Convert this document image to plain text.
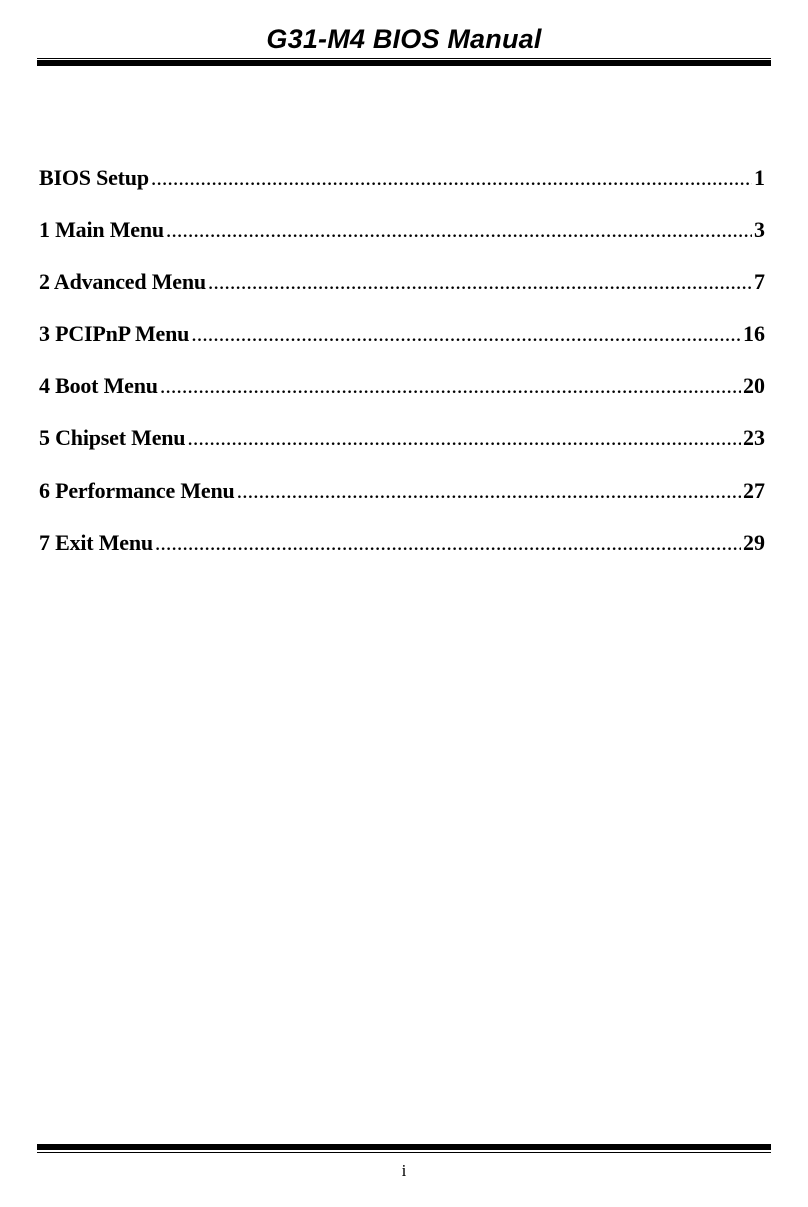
G31-M4 BIOS Manual
BIOS Setup .....	1
1 Main Menu .....	3
2 Advanced Menu .....	7
3 PCIPnP Menu .....	16
4 Boot Menu .....	20
5 Chipset Menu .....	23
6 Performance Menu .....	27
7 Exit Menu .....	29
i
